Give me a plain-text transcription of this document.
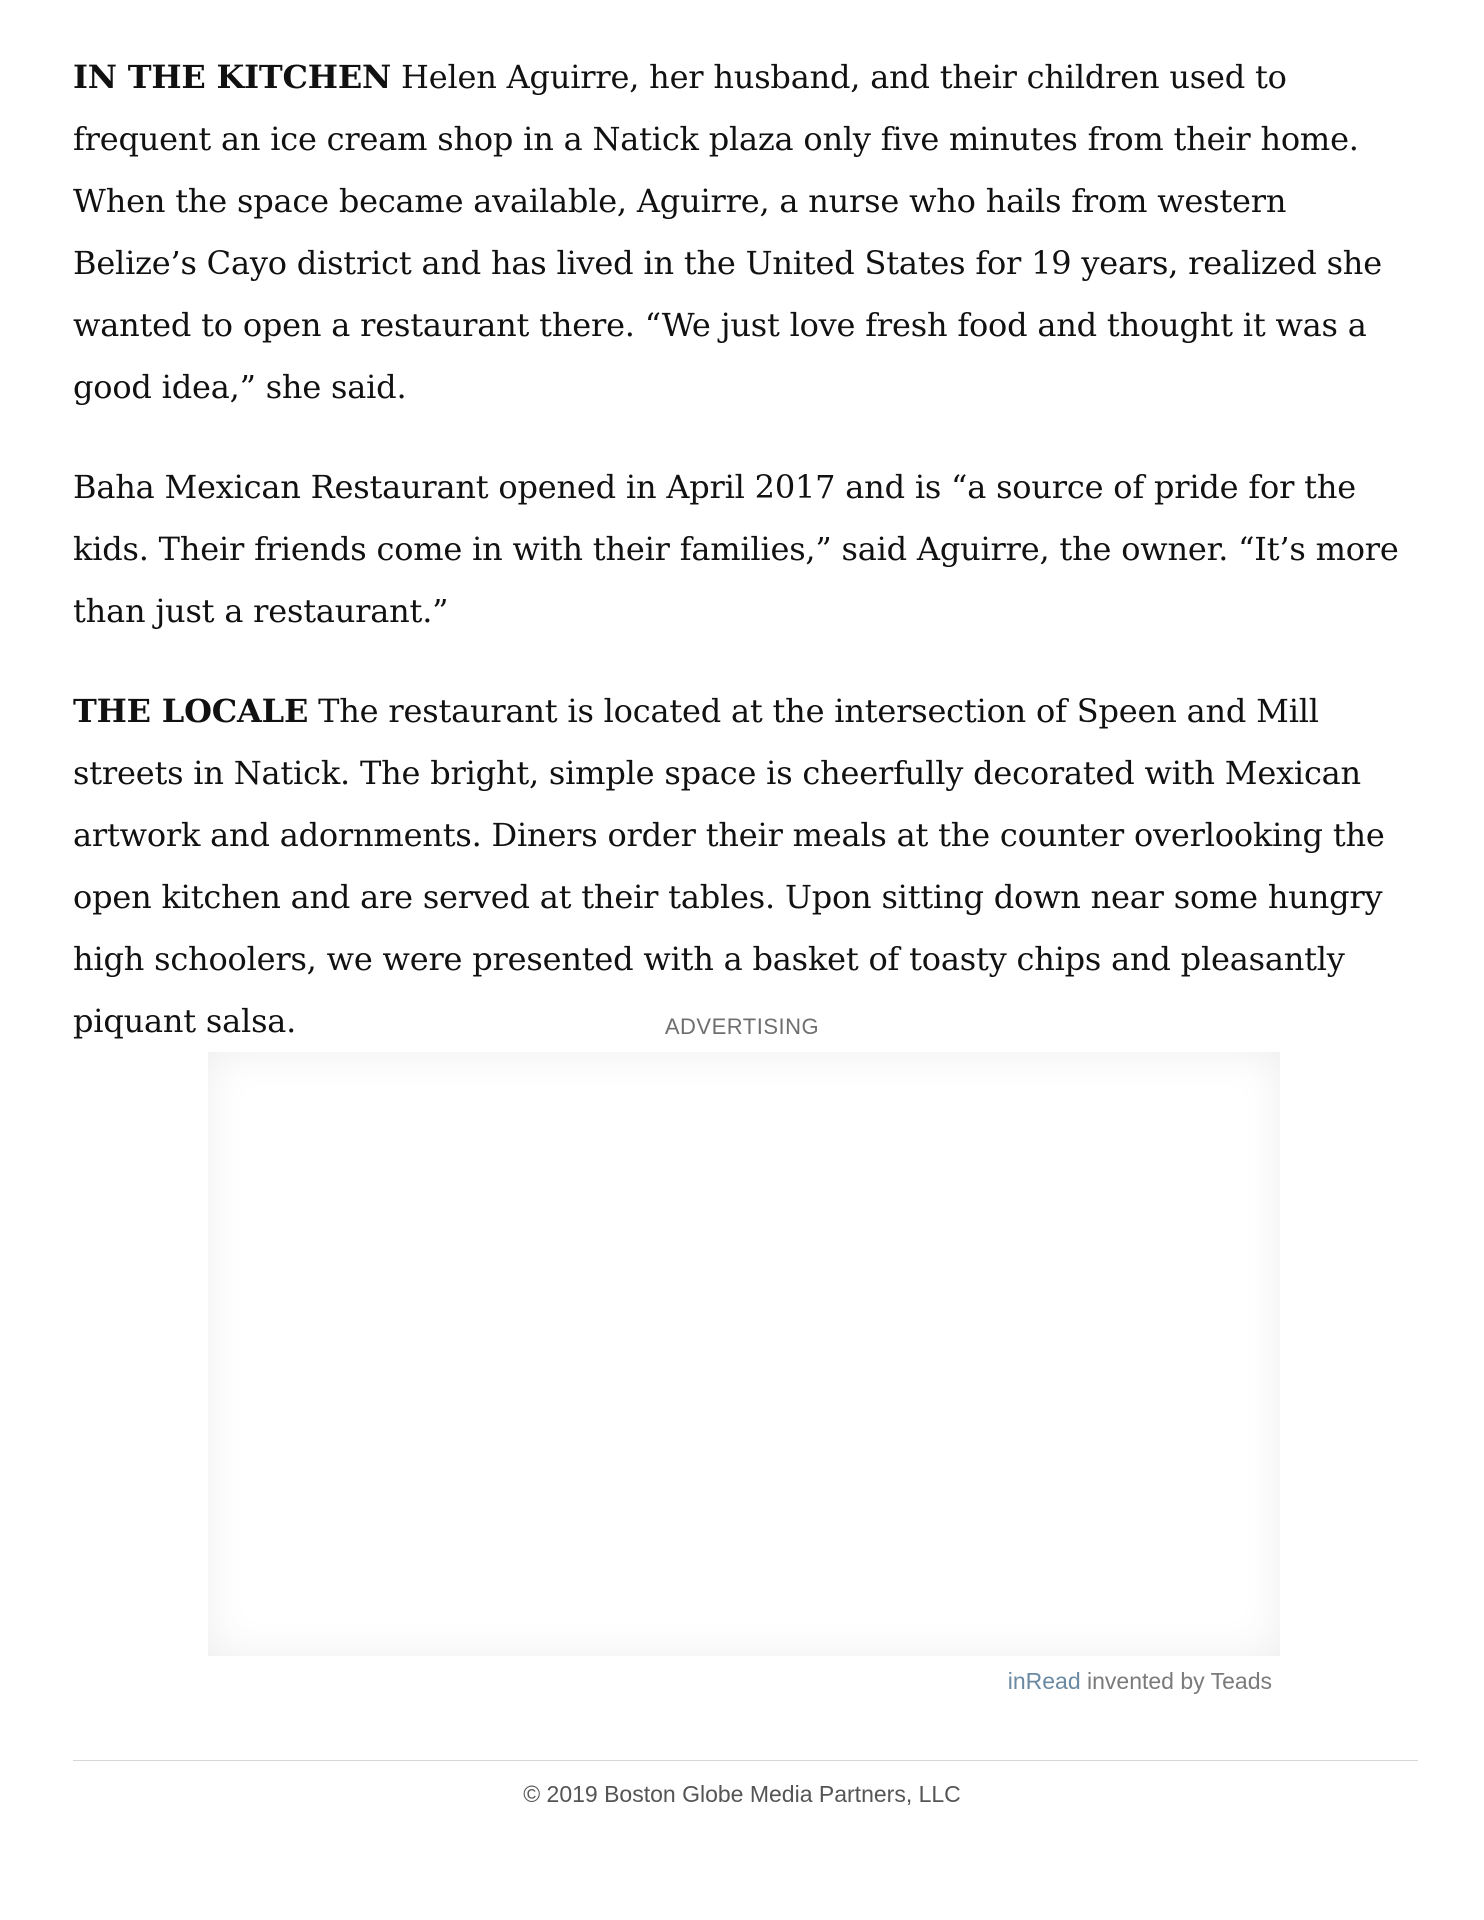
IN THE KITCHEN Helen Aguirre, her husband, and their children used to frequent an ice cream shop in a Natick plaza only five minutes from their home. When the space became available, Aguirre, a nurse who hails from western Belize’s Cayo district and has lived in the United States for 19 years, realized she wanted to open a restaurant there. “We just love fresh food and thought it was a good idea,” she said.

Baha Mexican Restaurant opened in April 2017 and is “a source of pride for the kids. Their friends come in with their families,” said Aguirre, the owner. “It’s more than just a restaurant.”

THE LOCALE The restaurant is located at the intersection of Speen and Mill streets in Natick. The bright, simple space is cheerfully decorated with Mexican artwork and adornments. Diners order their meals at the counter overlooking the open kitchen and are served at their tables. Upon sitting down near some hungry high schoolers, we were presented with a basket of toasty chips and pleasantly piquant salsa.	ADVERTISING
inRead invented by Teads
© 2019 Boston Globe Media Partners, LLC
